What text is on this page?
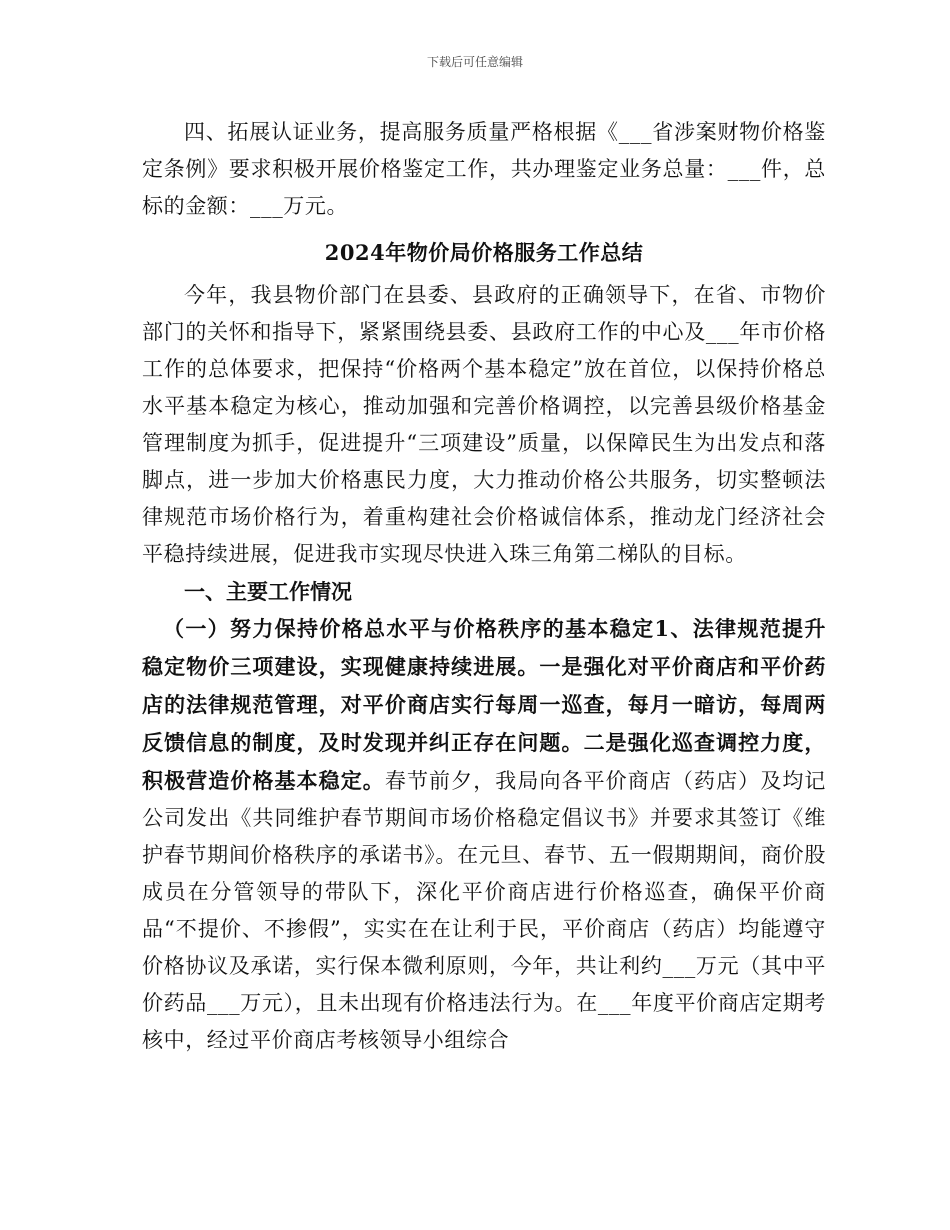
下载后可任意编辑

四、拓展认证业务，提高服务质量严格根据《___省涉案财物价格鉴定条例》要求积极开展价格鉴定工作，共办理鉴定业务总量：___件，总标的金额：___万元。

2024年物价局价格服务工作总结

今年，我县物价部门在县委、县政府的正确领导下，在省、市物价部门的关怀和指导下，紧紧围绕县委、县政府工作的中心及___年市价格工作的总体要求，把保持“价格两个基本稳定”放在首位，以保持价格总水平基本稳定为核心，推动加强和完善价格调控，以完善县级价格基金管理制度为抓手，促进提升“三项建设”质量，以保障民生为出发点和落脚点，进一步加大价格惠民力度，大力推动价格公共服务，切实整顿法律规范市场价格行为，着重构建社会价格诚信体系，推动龙门经济社会平稳持续进展，促进我市实现尽快进入珠三角第二梯队的目标。

一、主要工作情况

（一）努力保持价格总水平与价格秩序的基本稳定1、法律规范提升稳定物价三项建设，实现健康持续进展。一是强化对平价商店和平价药店的法律规范管理，对平价商店实行每周一巡查，每月一暗访，每周两反馈信息的制度，及时发现并纠正存在问题。二是强化巡查调控力度，积极营造价格基本稳定。春节前夕，我局向各平价商店（药店）及均记公司发出《共同维护春节期间市场价格稳定倡议书》并要求其签订《维护春节期间价格秩序的承诺书》。在元旦、春节、五一假期期间，商价股成员在分管领导的带队下，深化平价商店进行价格巡查，确保平价商品“不提价、不掺假”，实实在在让利于民，平价商店（药店）均能遵守价格协议及承诺，实行保本微利原则，今年，共让利约___万元（其中平价药品___万元），且未出现有价格违法行为。在___年度平价商店定期考核中，经过平价商店考核领导小组综合
